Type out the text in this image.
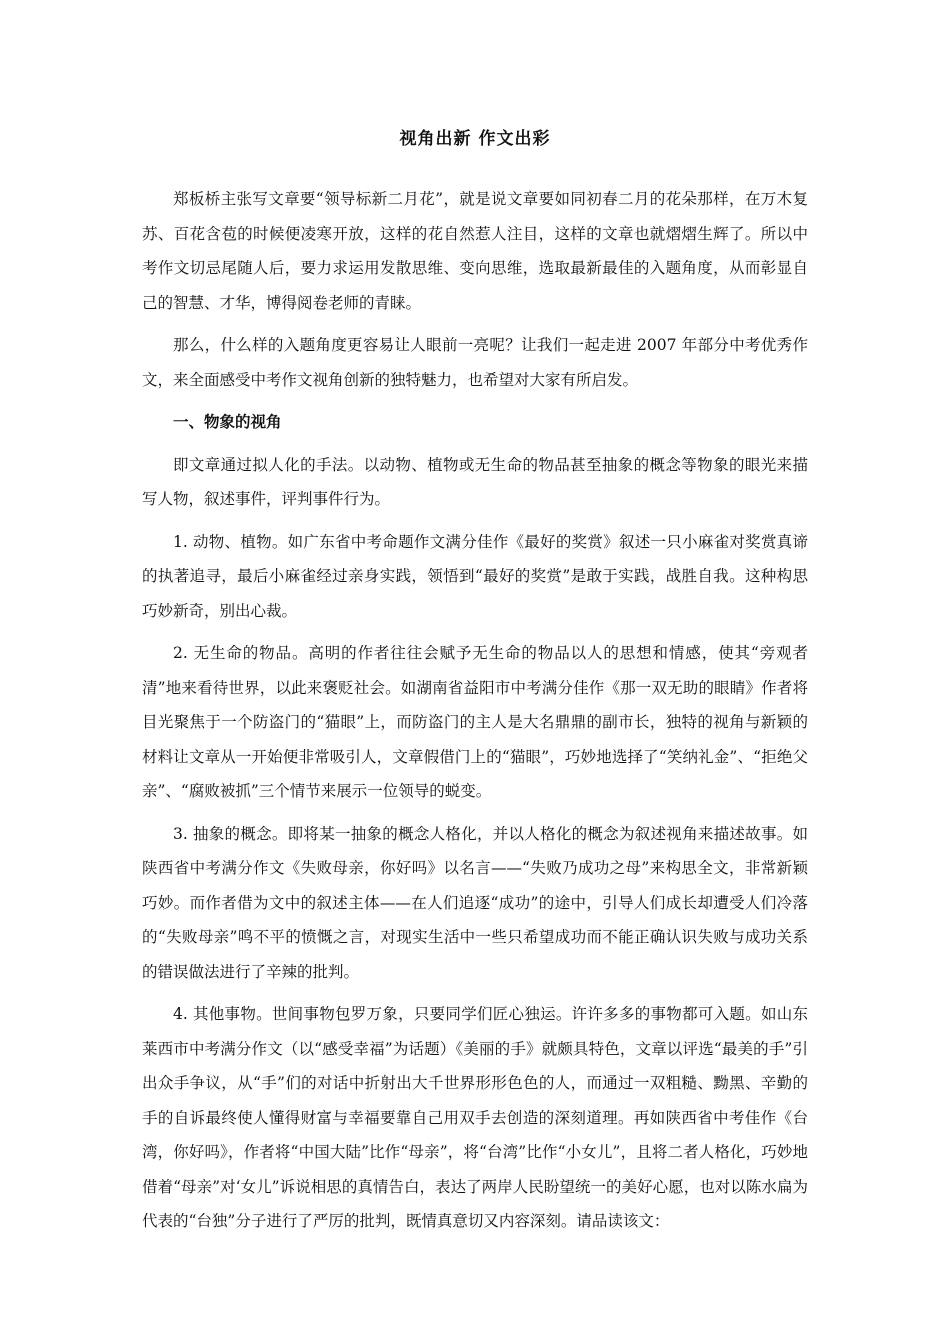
视角出新 作文出彩

郑板桥主张写文章要“领导标新二月花”，就是说文章要如同初春二月的花朵那样，在万木复苏、百花含苞的时候便凌寒开放，这样的花自然惹人注目，这样的文章也就熠熠生辉了。所以中考作文切忌尾随人后，要力求运用发散思维、变向思维，选取最新最佳的入题角度，从而彰显自己的智慧、才华，博得阅卷老师的青睐。

那么，什么样的入题角度更容易让人眼前一亮呢？让我们一起走进 2007 年部分中考优秀作文，来全面感受中考作文视角创新的独特魅力，也希望对大家有所启发。

一、物象的视角

即文章通过拟人化的手法。以动物、植物或无生命的物品甚至抽象的概念等物象的眼光来描写人物，叙述事件，评判事件行为。

1. 动物、植物。如广东省中考命题作文满分佳作《最好的奖赏》叙述一只小麻雀对奖赏真谛的执著追寻，最后小麻雀经过亲身实践，领悟到“最好的奖赏”是敢于实践，战胜自我。这种构思巧妙新奇，别出心裁。

2. 无生命的物品。高明的作者往往会赋予无生命的物品以人的思想和情感，使其“旁观者清”地来看待世界，以此来褒贬社会。如湖南省益阳市中考满分佳作《那一双无助的眼睛》作者将目光聚焦于一个防盗门的“猫眼”上，而防盗门的主人是大名鼎鼎的副市长，独特的视角与新颖的材料让文章从一开始便非常吸引人，文章假借门上的“猫眼”，巧妙地选择了“笑纳礼金”、“拒绝父亲”、“腐败被抓”三个情节来展示一位领导的蜕变。

3. 抽象的概念。即将某一抽象的概念人格化，并以人格化的概念为叙述视角来描述故事。如陕西省中考满分作文《失败母亲，你好吗》以名言——“失败乃成功之母”来构思全文，非常新颖巧妙。而作者借为文中的叙述主体——在人们追逐“成功”的途中，引导人们成长却遭受人们冷落的“失败母亲”鸣不平的愤慨之言，对现实生活中一些只希望成功而不能正确认识失败与成功关系的错误做法进行了辛辣的批判。

4. 其他事物。世间事物包罗万象，只要同学们匠心独运。许许多多的事物都可入题。如山东莱西市中考满分作文（以“感受幸福”为话题）《美丽的手》就颇具特色，文章以评选“最美的手”引出众手争议，从“手”们的对话中折射出大千世界形形色色的人，而通过一双粗糙、黝黑、辛勤的手的自诉最终使人懂得财富与幸福要靠自己用双手去创造的深刻道理。再如陕西省中考佳作《台湾，你好吗》，作者将“中国大陆”比作“母亲”，将“台湾”比作“小女儿”，且将二者人格化，巧妙地借着“母亲”对‘女儿”诉说相思的真情告白，表达了两岸人民盼望统一的美好心愿，也对以陈水扁为代表的“台独”分子进行了严厉的批判，既情真意切又内容深刻。请品读该文：
